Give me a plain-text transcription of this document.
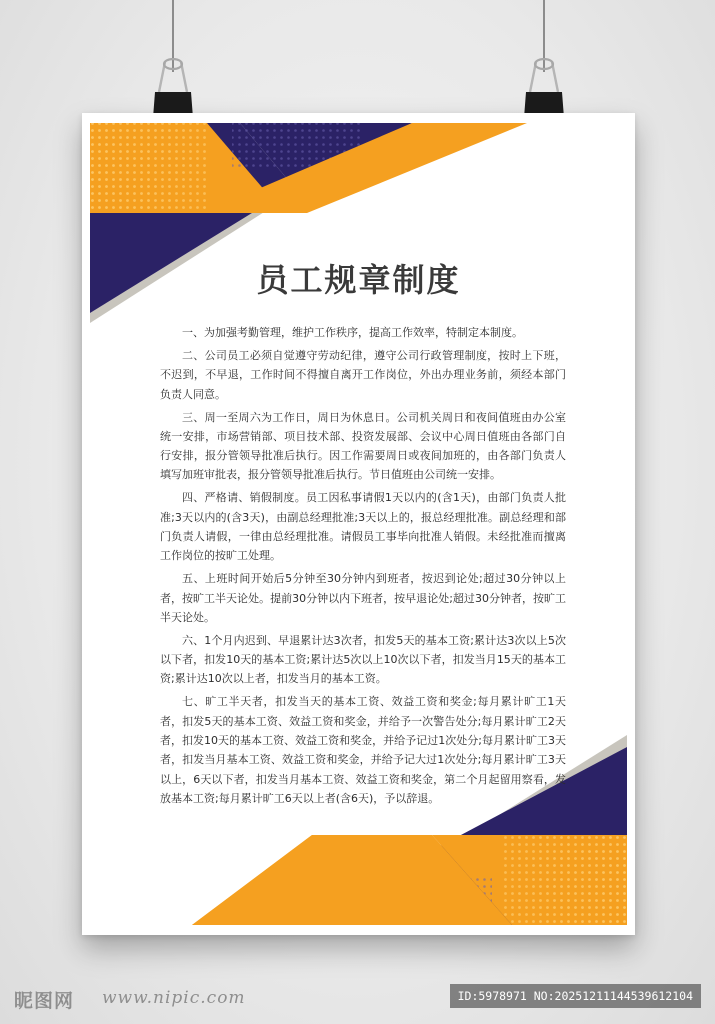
员工规章制度

一、为加强考勤管理，维护工作秩序，提高工作效率，特制定本制度。

二、公司员工必须自觉遵守劳动纪律，遵守公司行政管理制度，按时上下班，不迟到，不早退，工作时间不得擅自离开工作岗位，外出办理业务前，须经本部门负责人同意。

三、周一至周六为工作日，周日为休息日。公司机关周日和夜间值班由办公室统一安排，市场营销部、项目技术部、投资发展部、会议中心周日值班由各部门自行安排，报分管领导批准后执行。因工作需要周日或夜间加班的，由各部门负责人填写加班审批表，报分管领导批准后执行。节日值班由公司统一安排。

四、严格请、销假制度。员工因私事请假1天以内的(含1天)，由部门负责人批准;3天以内的(含3天)，由副总经理批准;3天以上的，报总经理批准。副总经理和部门负责人请假，一律由总经理批准。请假员工事毕向批准人销假。未经批准而擅离工作岗位的按旷工处理。

五、上班时间开始后5分钟至30分钟内到班者，按迟到论处;超过30分钟以上者，按旷工半天论处。提前30分钟以内下班者，按早退论处;超过30分钟者，按旷工半天论处。

六、1个月内迟到、早退累计达3次者，扣发5天的基本工资;累计达3次以上5次以下者，扣发10天的基本工资;累计达5次以上10次以下者，扣发当月15天的基本工资;累计达10次以上者，扣发当月的基本工资。

七、旷工半天者，扣发当天的基本工资、效益工资和奖金;每月累计旷工1天者，扣发5天的基本工资、效益工资和奖金，并给予一次警告处分;每月累计旷工2天者，扣发10天的基本工资、效益工资和奖金，并给予记过1次处分;每月累计旷工3天者，扣发当月基本工资、效益工资和奖金，并给予记大过1次处分;每月累计旷工3天以上，6天以下者，扣发当月基本工资、效益工资和奖金，第二个月起留用察看，发放基本工资;每月累计旷工6天以上者(含6天)，予以辞退。

昵图网 www.nipic.com	ID:5978971 NO:20251211144539612104
